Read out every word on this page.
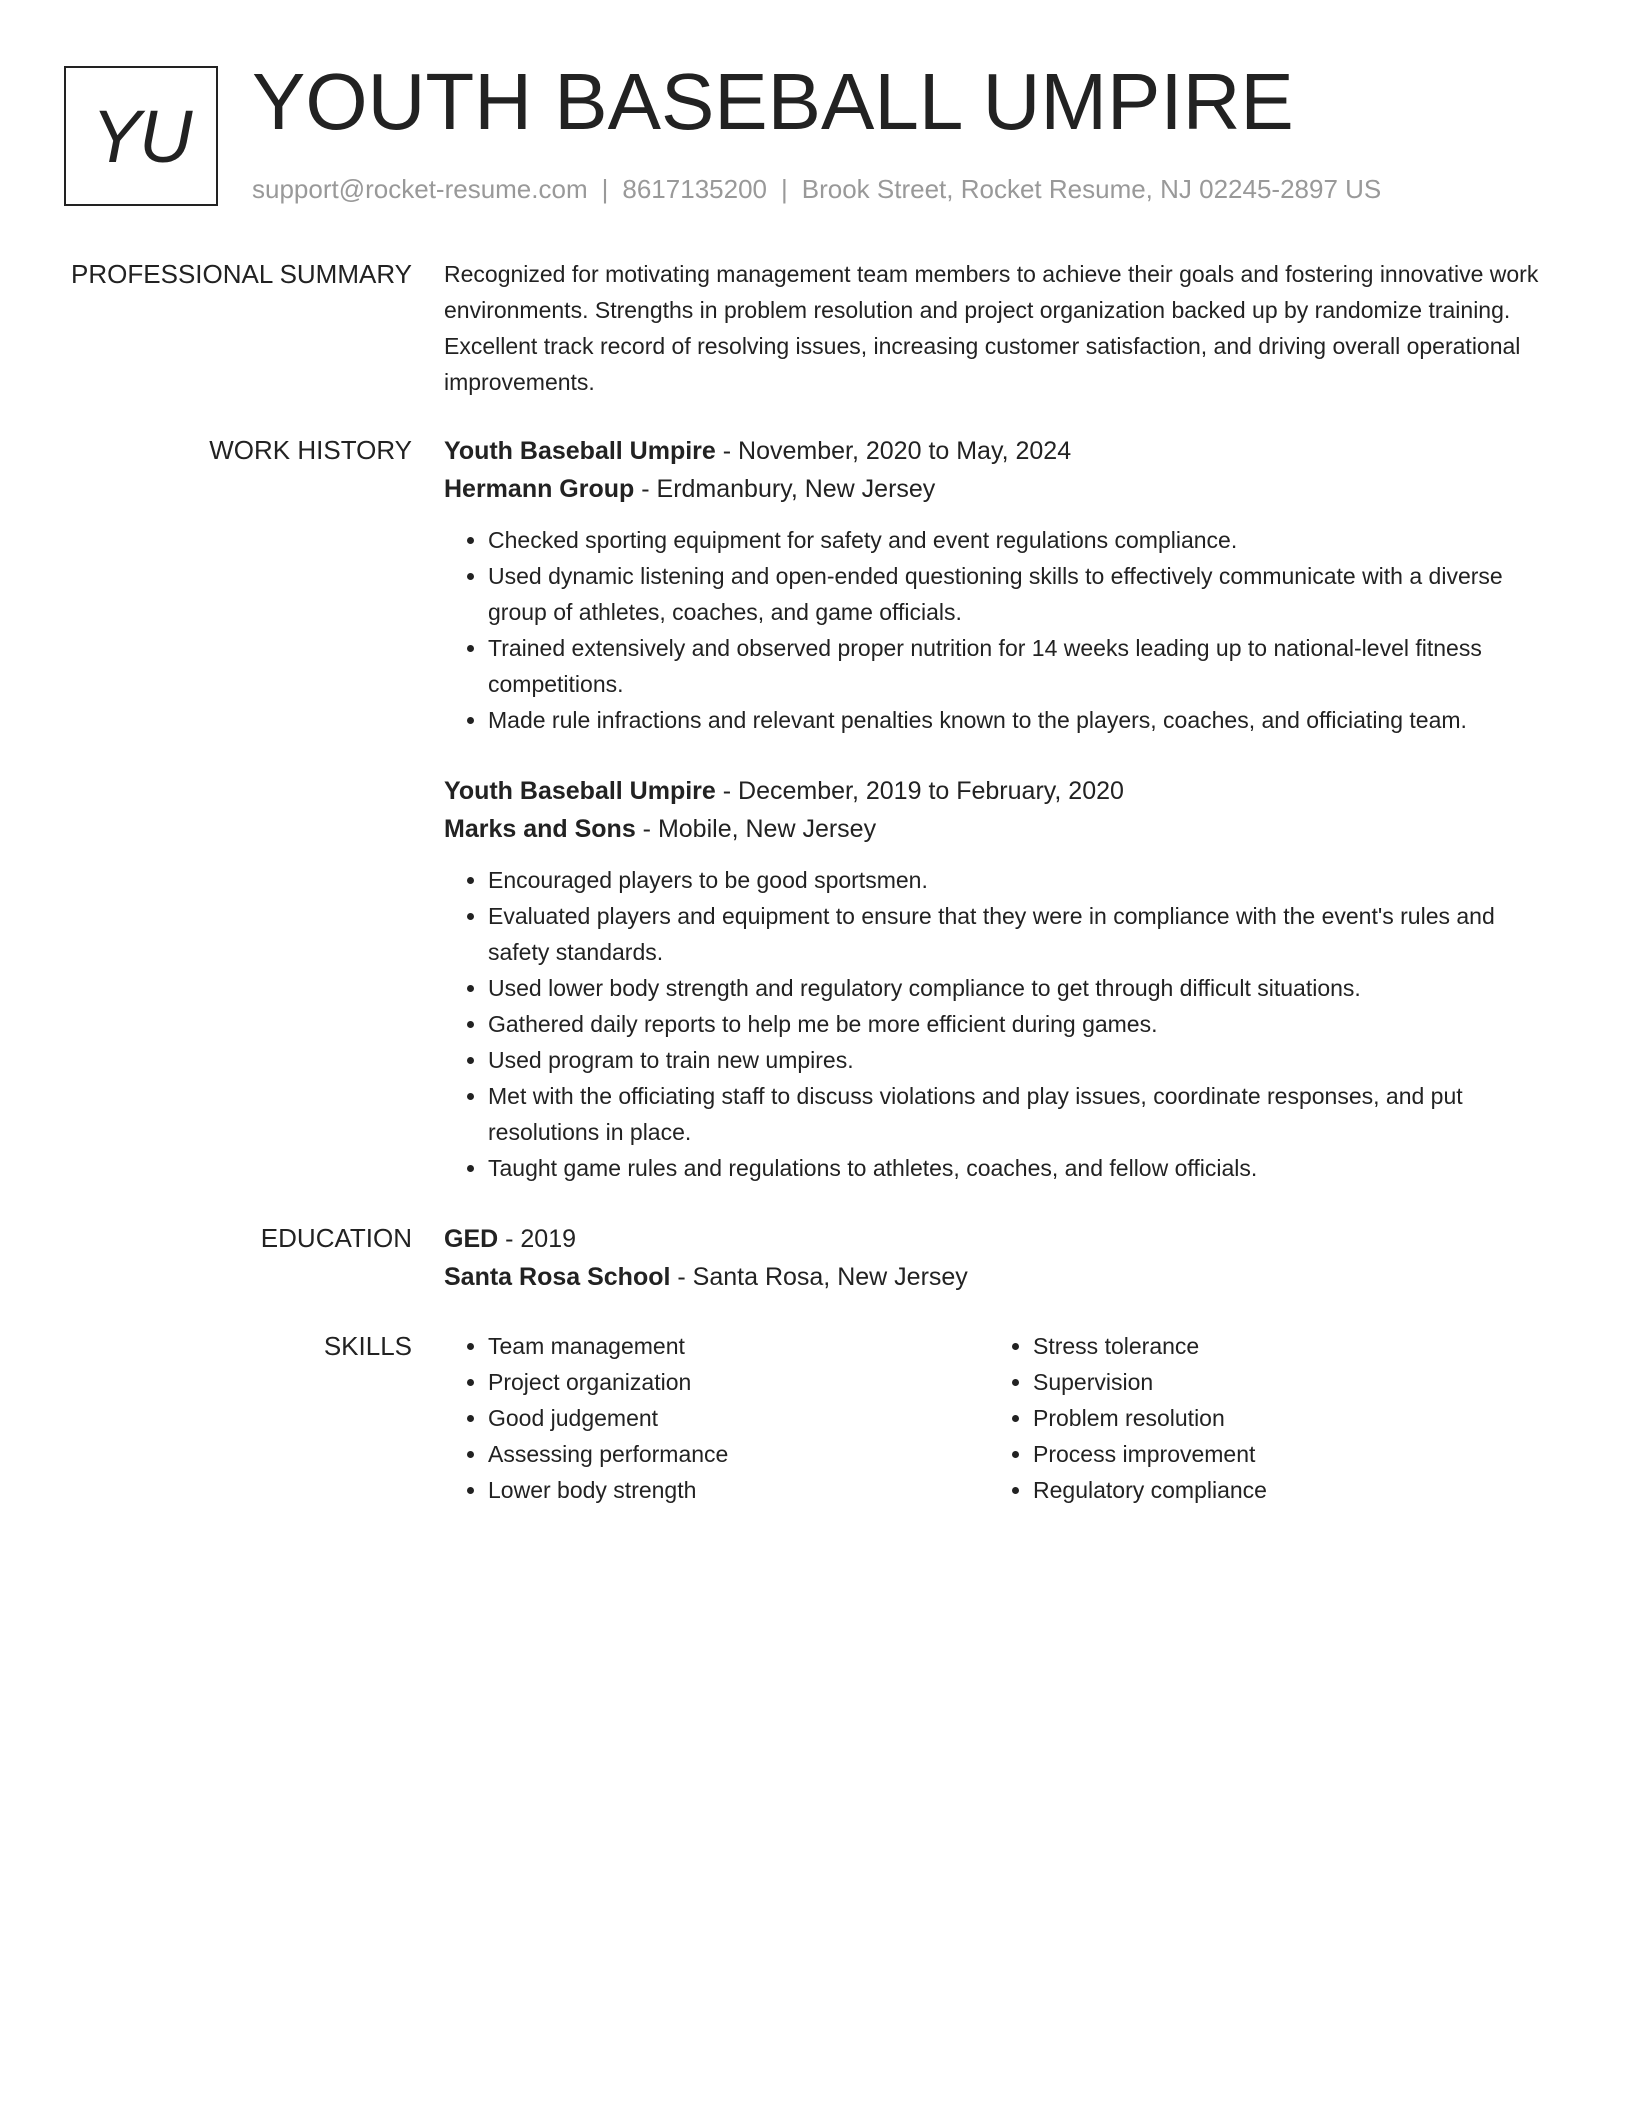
YU YOUTH BASEBALL UMPIRE
support@rocket-resume.com | 8617135200 | Brook Street, Rocket Resume, NJ 02245-2897 US
PROFESSIONAL SUMMARY Recognized for motivating management team members to achieve their goals and fostering innovative work environments. Strengths in problem resolution and project organization backed up by randomize training. Excellent track record of resolving issues, increasing customer satisfaction, and driving overall operational improvements.

WORK HISTORY Youth Baseball Umpire - November, 2020 to May, 2024

Hermann Group - Erdmanbury, New Jersey

• Checked sporting equipment for safety and event regulations compliance.
• Used dynamic listening and open-ended questioning skills to effectively communicate with a diverse group of athletes, coaches, and game officials.
• Trained extensively and observed proper nutrition for 14 weeks leading up to national-level fitness competitions.
• Made rule infractions and relevant penalties known to the players, coaches, and officiating team.

Youth Baseball Umpire - December, 2019 to February, 2020

Marks and Sons - Mobile, New Jersey

• Encouraged players to be good sportsmen.
• Evaluated players and equipment to ensure that they were in compliance with the event's rules and safety standards.
• Used lower body strength and regulatory compliance to get through difficult situations.
• Gathered daily reports to help me be more efficient during games.
• Used program to train new umpires.
• Met with the officiating staff to discuss violations and play issues, coordinate responses, and put resolutions in place.
• Taught game rules and regulations to athletes, coaches, and fellow officials.
EDUCATION GED - 2019

Santa Rosa School - Santa Rosa, New Jersey

SKILLS
•	Team management
• Project organization
• Good judgement
• Assessing performance
• Lower body strength
• Stress tolerance
• Supervision
• Problem resolution
• Process improvement
• Regulatory compliance
